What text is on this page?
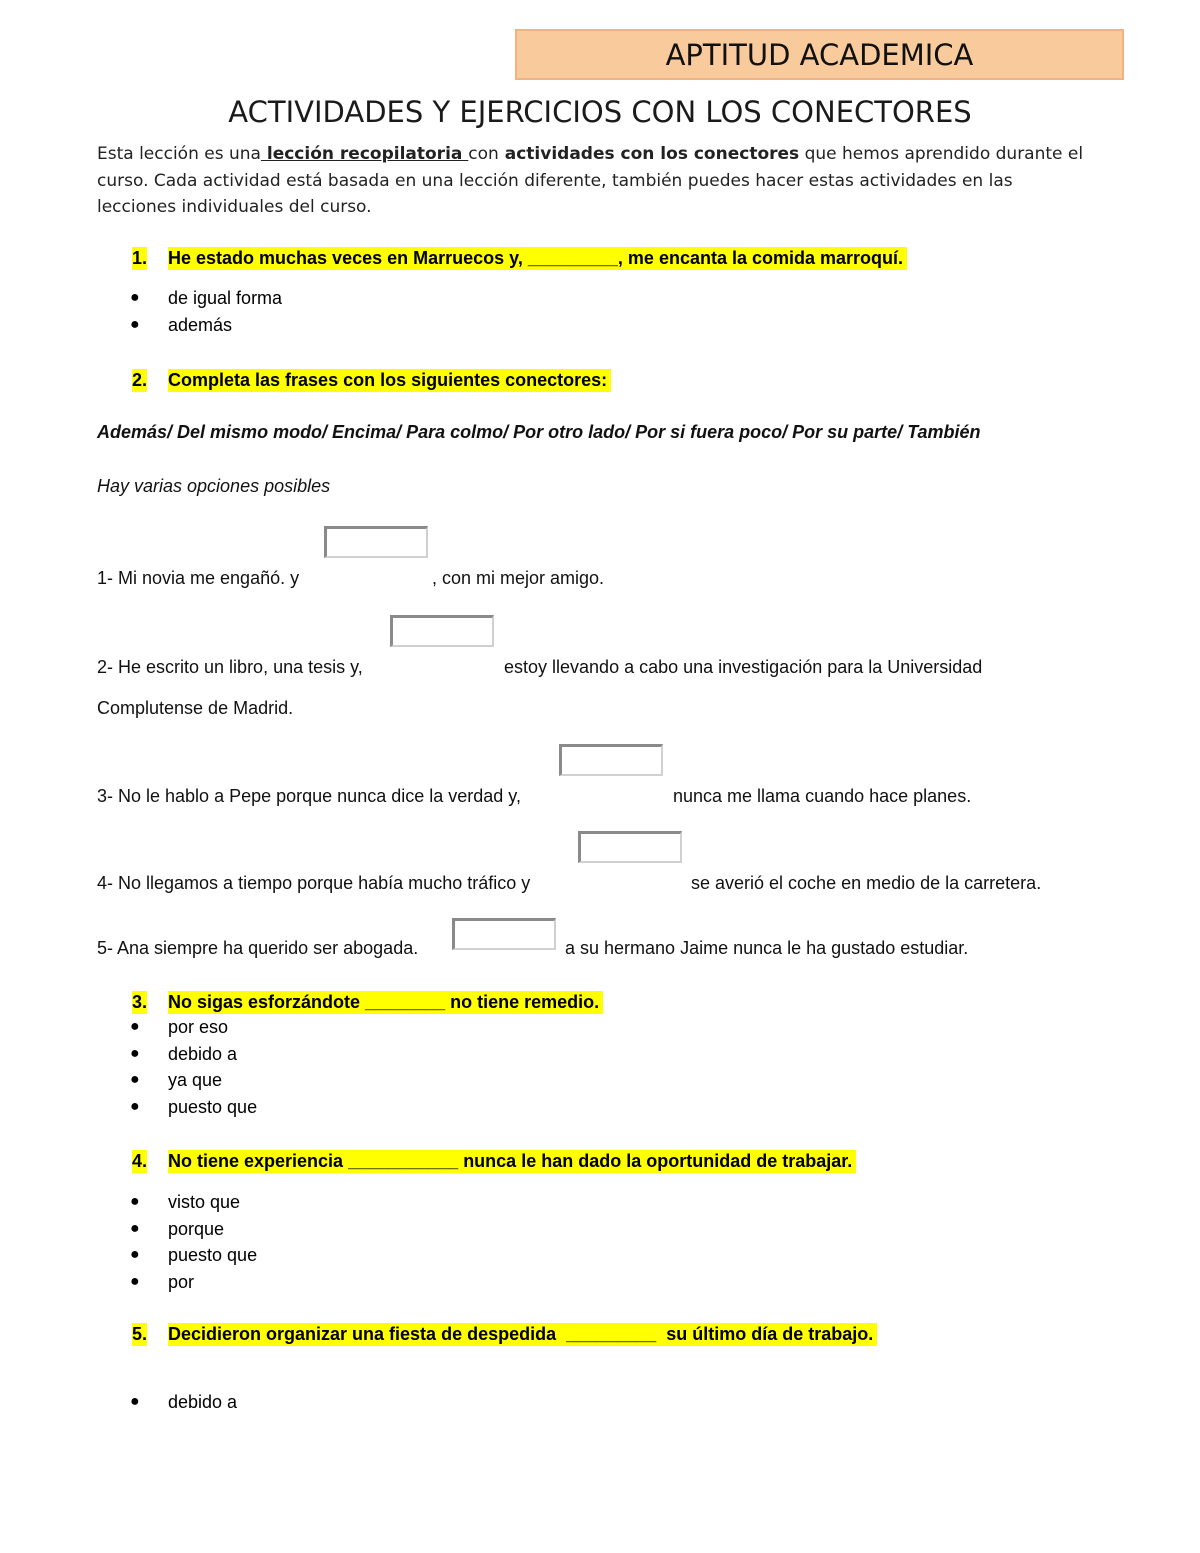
APTITUD ACADEMICA
ACTIVIDADES Y EJERCICIOS CON LOS CONECTORES
Esta lección es una lección recopilatoria con actividades con los conectores que hemos aprendido durante el curso. Cada actividad está basada en una lección diferente, también puedes hacer estas actividades en las lecciones individuales del curso.
1. He estado muchas veces en Marruecos y, _________, me encanta la comida marroquí.
● de igual forma
● además
2. Completa las frases con los siguientes conectores:
Además/ Del mismo modo/ Encima/ Para colmo/ Por otro lado/ Por si fuera poco/ Por su parte/ También
Hay varias opciones posibles
1- Mi novia me engañó. y	, con mi mejor amigo.
2- He escrito un libro, una tesis y,	estoy llevando a cabo una investigación para la Universidad
Complutense de Madrid.
3- No le hablo a Pepe porque nunca dice la verdad y,	nunca me llama cuando hace planes.
4- No llegamos a tiempo porque había mucho tráfico y	se averió el coche en medio de la carretera.
5- Ana siempre ha querido ser abogada.	a su hermano Jaime nunca le ha gustado estudiar.
3. No sigas esforzándote ________ no tiene remedio.
● por eso
● debido a
● ya que
● puesto que
4. No tiene experiencia ___________ nunca le han dado la oportunidad de trabajar.
● visto que
● porque
● puesto que
● por
5. Decidieron organizar una fiesta de despedida  _________  su último día de trabajo.
● debido a
